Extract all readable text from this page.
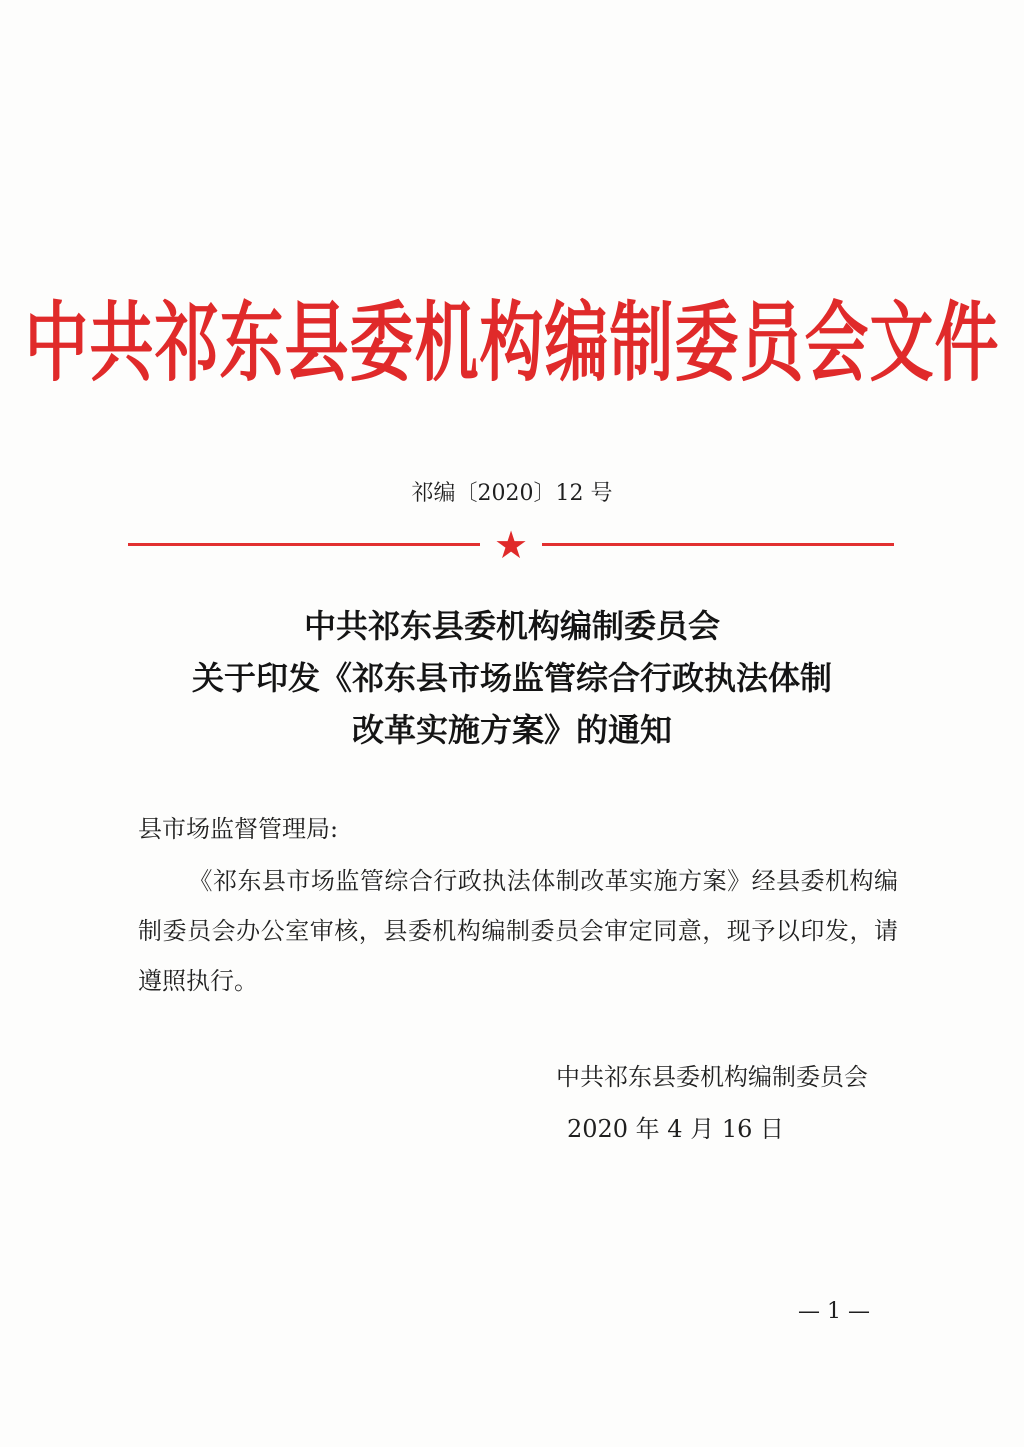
中共祁东县委机构编制委员会文件
祁编〔2020〕12 号
★
中共祁东县委机构编制委员会
关于印发《祁东县市场监管综合行政执法体制
改革实施方案》的通知
县市场监督管理局:
《祁东县市场监管综合行政执法体制改革实施方案》经县委机构编制委员会办公室审核，县委机构编制委员会审定同意，现予以印发，请遵照执行。
中共祁东县委机构编制委员会
2020 年 4 月 16 日
— 1 —
